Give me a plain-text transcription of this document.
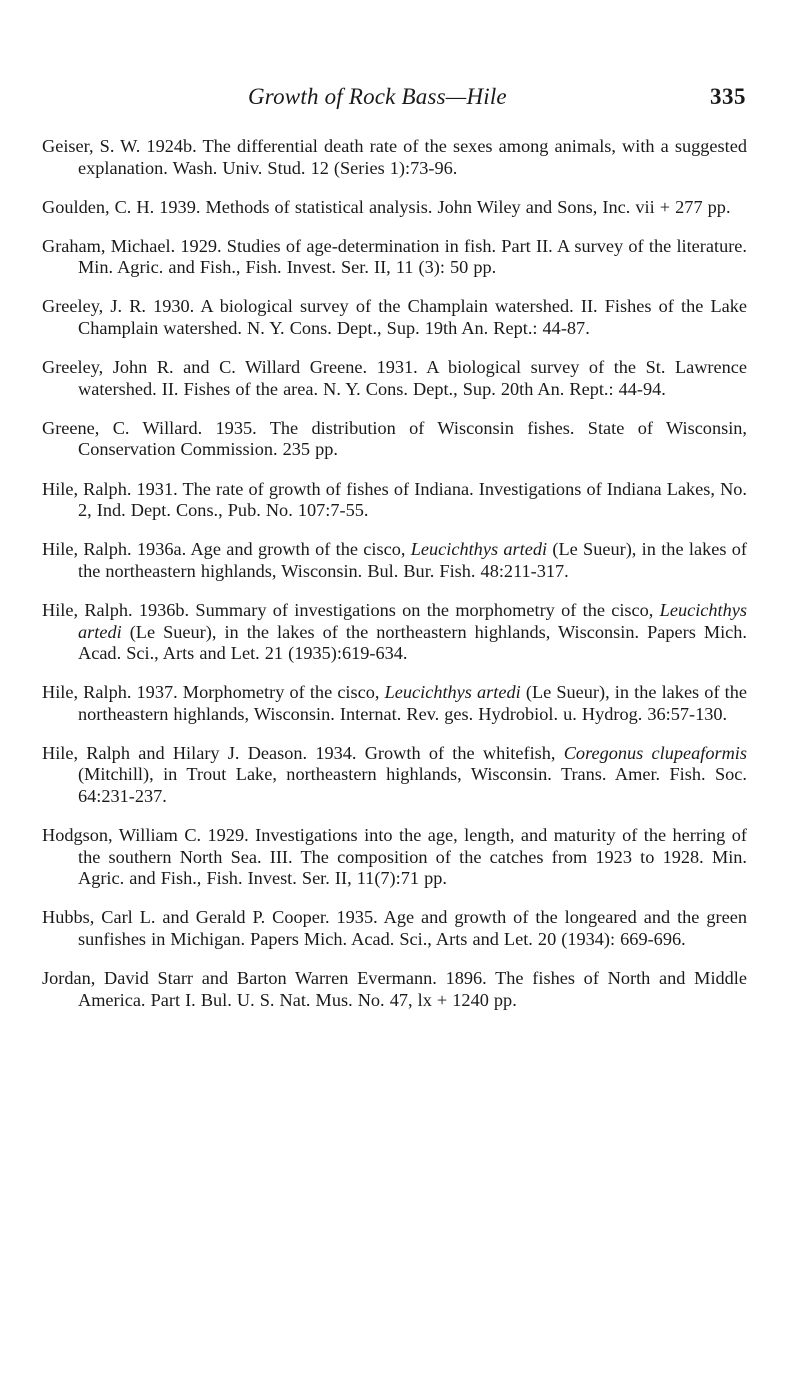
Growth of Rock Bass—Hile	335

Geiser, S. W. 1924b. The differential death rate of the sexes among animals, with a suggested explanation. Wash. Univ. Stud. 12 (Series 1):73-96.

Goulden, C. H. 1939. Methods of statistical analysis. John Wiley and Sons, Inc. vii + 277 pp.

Graham, Michael. 1929. Studies of age-determination in fish. Part II. A survey of the literature. Min. Agric. and Fish., Fish. Invest. Ser. II, 11 (3): 50 pp.

Greeley, J. R. 1930. A biological survey of the Champlain watershed. II. Fishes of the Lake Champlain watershed. N. Y. Cons. Dept., Sup. 19th An. Rept.: 44-87.

Greeley, John R. and C. Willard Greene. 1931. A biological survey of the St. Lawrence watershed. II. Fishes of the area. N. Y. Cons. Dept., Sup. 20th An. Rept.: 44-94.

Greene, C. Willard. 1935. The distribution of Wisconsin fishes. State of Wisconsin, Conservation Commission. 235 pp.

Hile, Ralph. 1931. The rate of growth of fishes of Indiana. Investigations of Indiana Lakes, No. 2, Ind. Dept. Cons., Pub. No. 107:7-55.

Hile, Ralph. 1936a. Age and growth of the cisco, Leucichthys artedi (Le Sueur), in the lakes of the northeastern highlands, Wisconsin. Bul. Bur. Fish. 48:211-317.

Hile, Ralph. 1936b. Summary of investigations on the morphometry of the cisco, Leucichthys artedi (Le Sueur), in the lakes of the northeastern highlands, Wisconsin. Papers Mich. Acad. Sci., Arts and Let. 21 (1935):619-634.

Hile, Ralph. 1937. Morphometry of the cisco, Leucichthys artedi (Le Sueur), in the lakes of the northeastern highlands, Wisconsin. Internat. Rev. ges. Hydrobiol. u. Hydrog. 36:57-130.

Hile, Ralph and Hilary J. Deason. 1934. Growth of the whitefish, Coregonus clupeaformis (Mitchill), in Trout Lake, northeastern highlands, Wisconsin. Trans. Amer. Fish. Soc. 64:231-237.

Hodgson, William C. 1929. Investigations into the age, length, and maturity of the herring of the southern North Sea. III. The composition of the catches from 1923 to 1928. Min. Agric. and Fish., Fish. Invest. Ser. II, 11(7):71 pp.

Hubbs, Carl L. and Gerald P. Cooper. 1935. Age and growth of the longeared and the green sunfishes in Michigan. Papers Mich. Acad. Sci., Arts and Let. 20 (1934): 669-696.

Jordan, David Starr and Barton Warren Evermann. 1896. The fishes of North and Middle America. Part I. Bul. U. S. Nat. Mus. No. 47, lx + 1240 pp.
